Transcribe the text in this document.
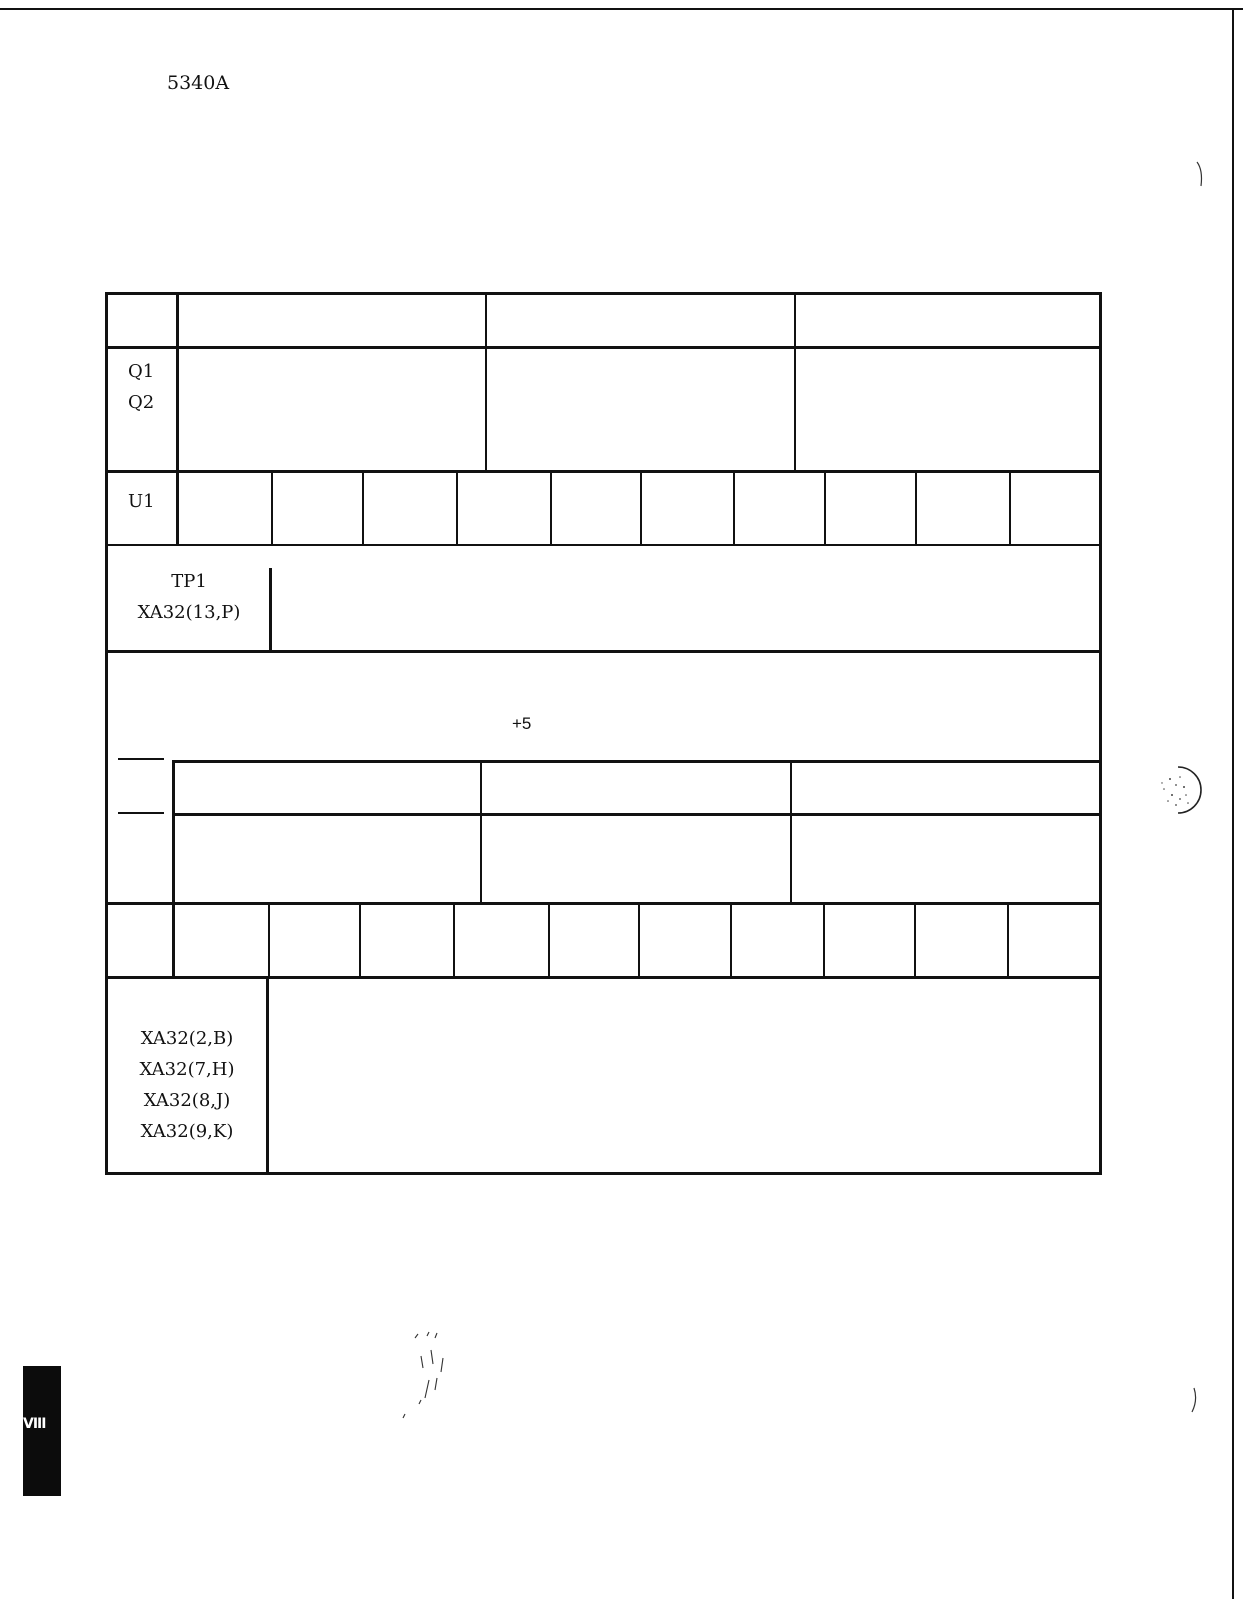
5340A
Q1
Q2
U1
TP1
XA32(13,P)
+5
XA32(2,B)
XA32(7,H)
XA32(8,J)
XA32(9,K)
VIII
